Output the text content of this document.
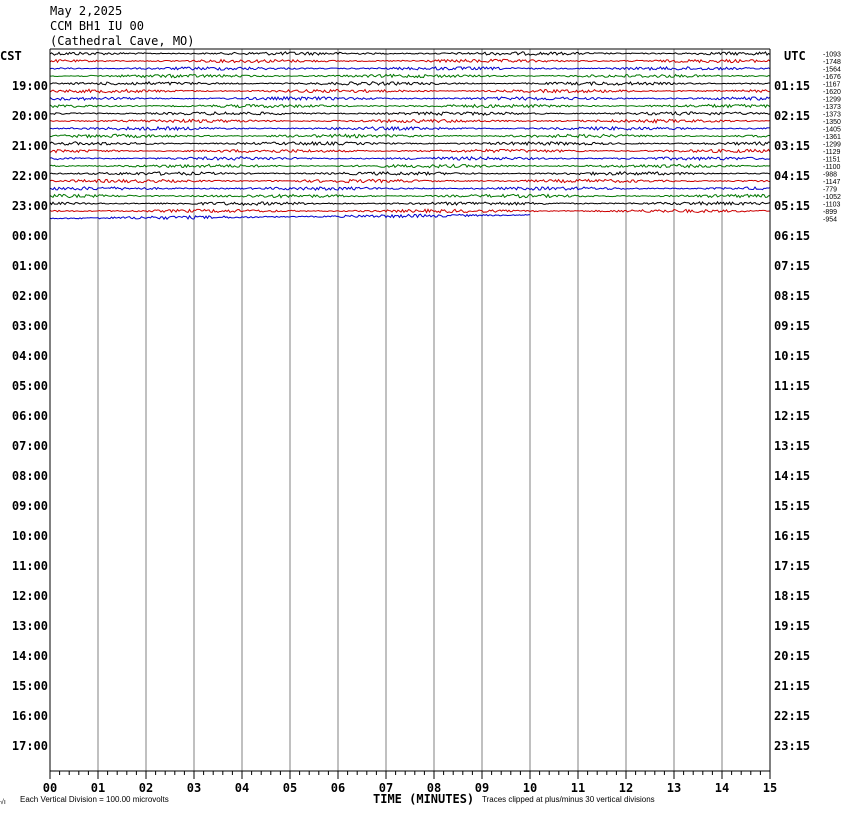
May 2,2025
CCM BH1 IU 00
(Cathedral Cave, MO)
00	01	02	03	04	05	06	07	08	09	10	11	12	13	14	15
19:00
20:00
21:00
22:00
23:00
00:00
01:00
02:00
03:00
04:00
05:00
06:00
07:00
08:00
09:00
10:00
11:00
12:00
13:00
14:00
15:00
16:00
17:00
01:15
02:15
03:15
04:15
05:15
06:15
07:15
08:15
09:15
10:15
11:15
12:15
13:15
14:15
15:15
16:15
17:15
18:15
19:15
20:15
21:15
22:15
23:15
-1093
-1748
-1564
-1676
-1167
-1620
-1299
-1373
-1373
-1350
-1405
-1361
-1299
-1129
-1151
-1100
-988
-1147
-779
-1052
-1103
-899
-954
CST	UTC
TIME (MINUTES)
√ı Each Vertical Division = 100.00 microvolts	Traces clipped at plus/minus 30 vertical divisions
